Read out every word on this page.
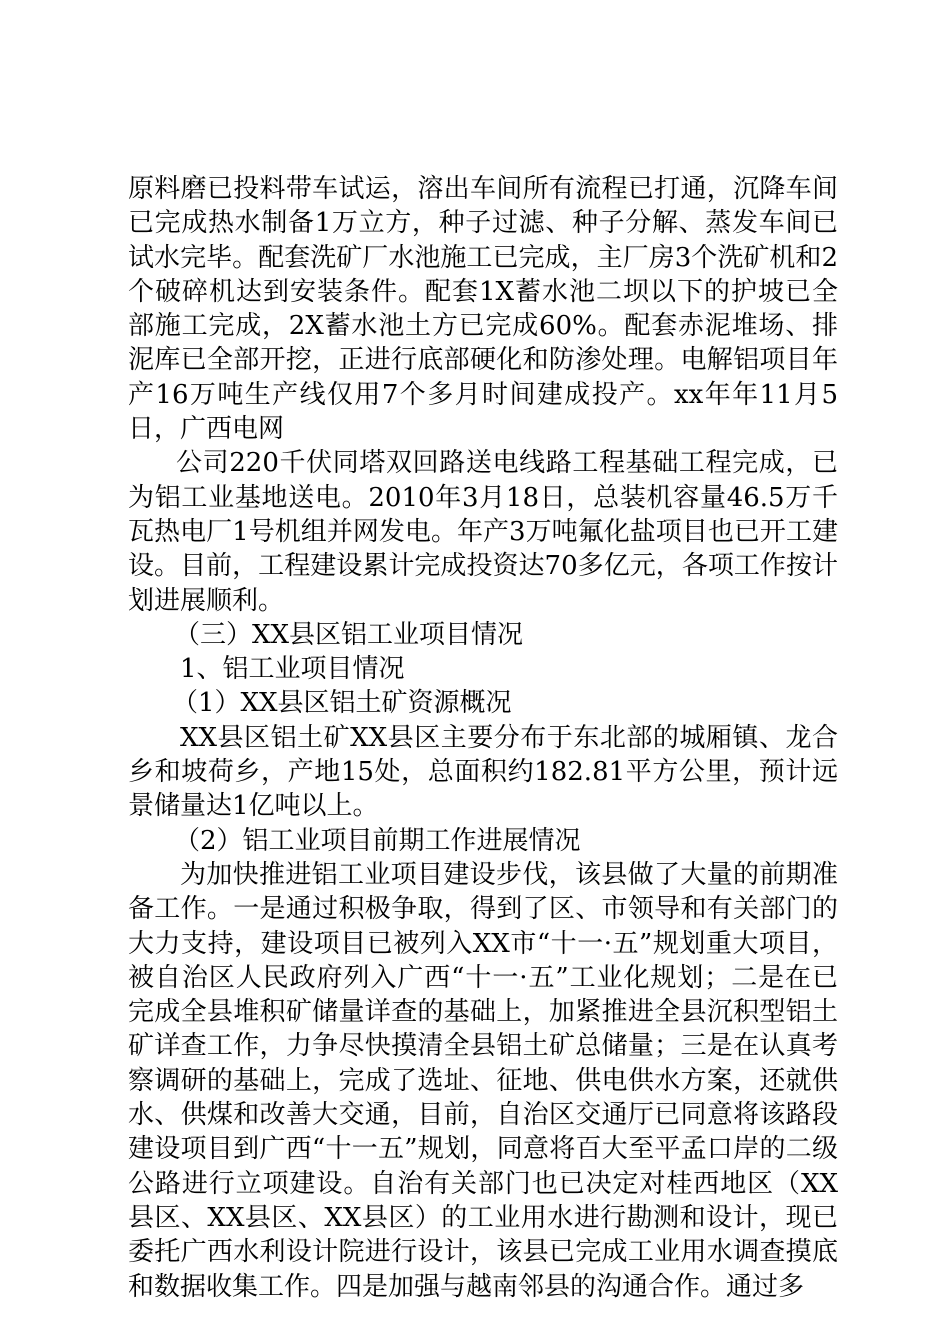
原料磨已投料带车试运，溶出车间所有流程已打通，沉降车间已完成热水制备1万立方，种子过滤、种子分解、蒸发车间已试水完毕。配套洗矿厂水池施工已完成，主厂房3个洗矿机和2个破碎机达到安装条件。配套1X蓄水池二坝以下的护坡已全部施工完成，2X蓄水池土方已完成60%。配套赤泥堆场、排泥库已全部开挖，正进行底部硬化和防渗处理。电解铝项目年产16万吨生产线仅用7个多月时间建成投产。xx年年11月5日，广西电网

公司220千伏同塔双回路送电线路工程基础工程完成，已为铝工业基地送电。2010年3月18日，总装机容量46.5万千瓦热电厂1号机组并网发电。年产3万吨氟化盐项目也已开工建设。目前，工程建设累计完成投资达70多亿元，各项工作按计划进展顺利。

（三）XX县区铝工业项目情况

1、铝工业项目情况

（1）XX县区铝土矿资源概况

XX县区铝土矿XX县区主要分布于东北部的城厢镇、龙合乡和坡荷乡，产地15处，总面积约182.81平方公里，预计远景储量达1亿吨以上。

（2）铝工业项目前期工作进展情况

为加快推进铝工业项目建设步伐，该县做了大量的前期准备工作。一是通过积极争取，得到了区、市领导和有关部门的大力支持，建设项目已被列入XX市“十一·五”规划重大项目，被自治区人民政府列入广西“十一·五”工业化规划；二是在已完成全县堆积矿储量详查的基础上，加紧推进全县沉积型铝土矿详查工作，力争尽快摸清全县铝土矿总储量；三是在认真考察调研的基础上，完成了选址、征地、供电供水方案，还就供水、供煤和改善大交通，目前，自治区交通厅已同意将该路段建设项目到广西“十一五”规划，同意将百大至平孟口岸的二级公路进行立项建设。自治有关部门也已决定对桂西地区（XX县区、XX县区、XX县区）的工业用水进行勘测和设计，现已委托广西水利设计院进行设计，该县已完成工业用水调查摸底和数据收集工作。四是加强与越南邻县的沟通合作。通过多
